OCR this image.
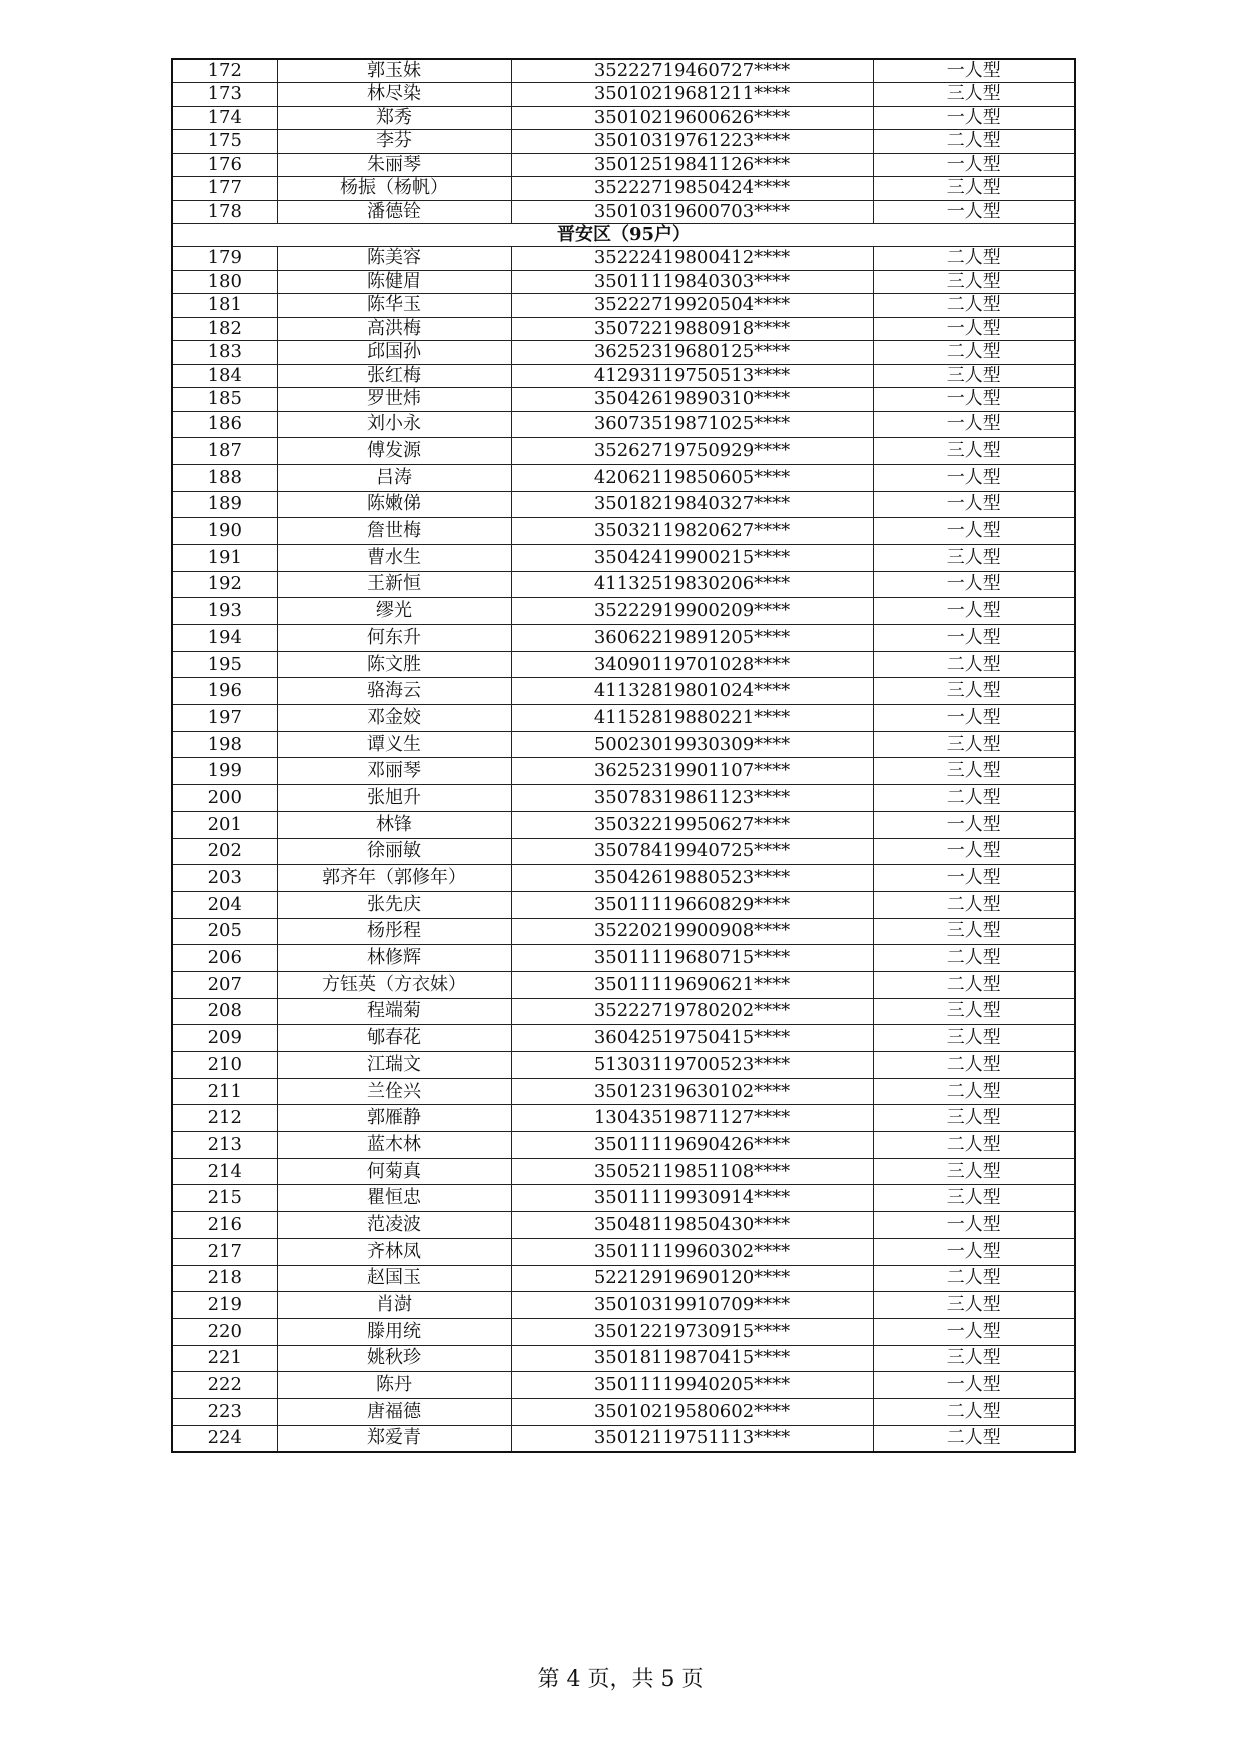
172	郭玉妹	35222719460727****	一人型
173	林尽染	35010219681211****	三人型
174	郑秀	35010219600626****	一人型
175	李芬	35010319761223****	二人型
176	朱丽琴	35012519841126****	一人型
177	杨振（杨帆）	35222719850424****	三人型
178	潘德铨	35010319600703****	一人型
晋安区（95户）			
179	陈美容	35222419800412****	二人型
180	陈健眉	35011119840303****	三人型
181	陈华玉	35222719920504****	二人型
182	高洪梅	35072219880918****	一人型
183	邱国孙	36252319680125****	二人型
184	张红梅	41293119750513****	三人型
185	罗世炜	35042619890310****	一人型
186	刘小永	36073519871025****	一人型
187	傅发源	35262719750929****	三人型
188	吕涛	42062119850605****	一人型
189	陈嫩俤	35018219840327****	一人型
190	詹世梅	35032119820627****	一人型
191	曹水生	35042419900215****	三人型
192	王新恒	41132519830206****	一人型
193	缪光	35222919900209****	一人型
194	何东升	36062219891205****	一人型
195	陈文胜	34090119701028****	二人型
196	骆海云	41132819801024****	三人型
197	邓金姣	41152819880221****	一人型
198	谭义生	50023019930309****	三人型
199	邓丽琴	36252319901107****	三人型
200	张旭升	35078319861123****	二人型
201	林锋	35032219950627****	一人型
202	徐丽敏	35078419940725****	一人型
203	郭齐年（郭修年）	35042619880523****	一人型
204	张先庆	35011119660829****	二人型
205	杨彤程	35220219900908****	三人型
206	林修辉	35011119680715****	二人型
207	方钰英（方衣妹）	35011119690621****	二人型
208	程端菊	35222719780202****	三人型
209	郇春花	36042519750415****	三人型
210	江瑞文	51303119700523****	二人型
211	兰佺兴	35012319630102****	二人型
212	郭雁静	13043519871127****	三人型
213	蓝木林	35011119690426****	二人型
214	何菊真	35052119851108****	三人型
215	瞿恒忠	35011119930914****	三人型
216	范凌波	35048119850430****	一人型
217	齐林凤	35011119960302****	一人型
218	赵国玉	52212919690120****	二人型
219	肖澍	35010319910709****	三人型
220	滕用统	35012219730915****	一人型
221	姚秋珍	35018119870415****	三人型
222	陈丹	35011119940205****	一人型
223	唐福德	35010219580602****	二人型
224	郑爱青	35012119751113****	二人型
第 4 页，共 5 页
